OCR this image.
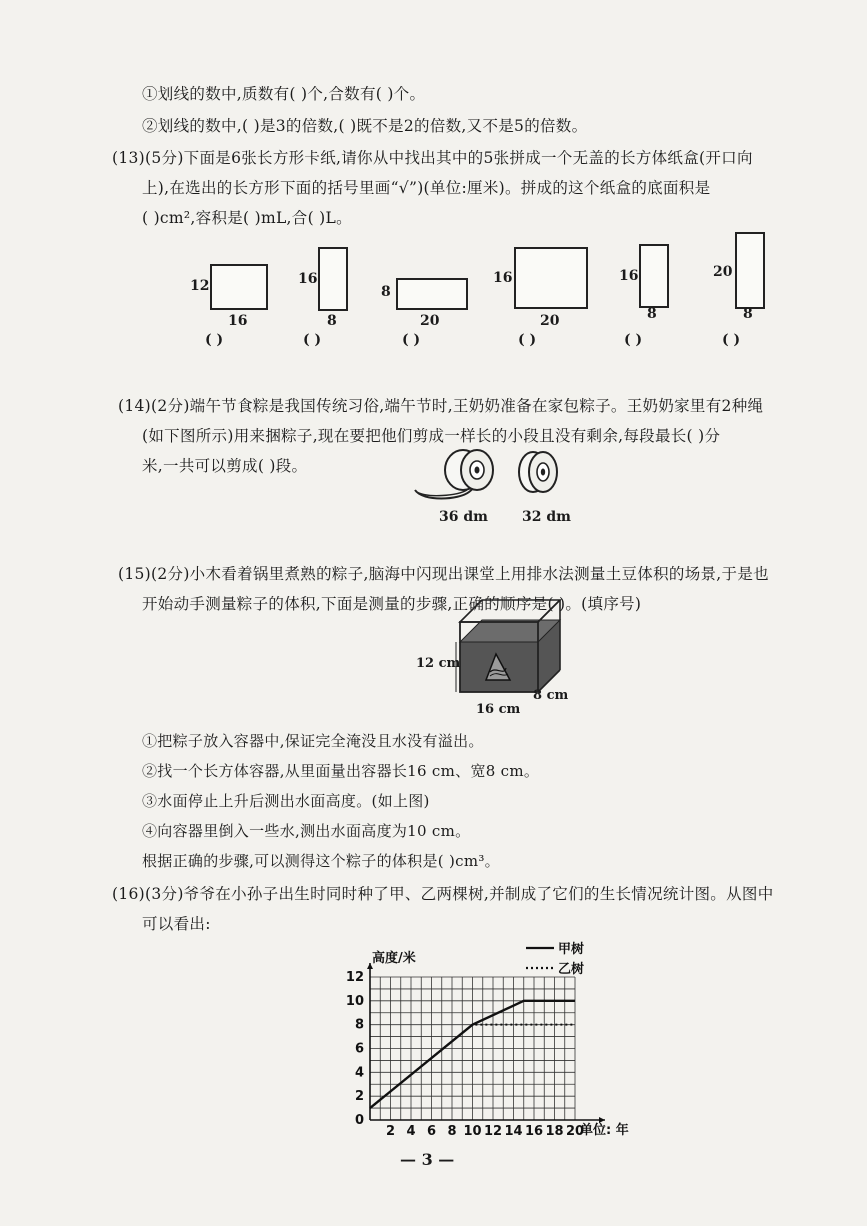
①划线的数中,质数有( )个,合数有( )个。
②划线的数中,( )是3的倍数,( )既不是2的倍数,又不是5的倍数。
(13)(5分)下面是6张长方形卡纸,请你从中找出其中的5张拼成一个无盖的长方体纸盒(开口向
上),在选出的长方形下面的括号里画“√”)(单位:厘米)。拼成的这个纸盒的底面积是
( )cm²,容积是( )mL,合( )L。
12
16
( )
16
8
( )
8
20
( )
16
20
( )
16
8
( )
20
8
( )
(14)(2分)端午节食粽是我国传统习俗,端午节时,王奶奶准备在家包粽子。王奶奶家里有2种绳
(如下图所示)用来捆粽子,现在要把他们剪成一样长的小段且没有剩余,每段最长( )分
米,一共可以剪成( )段。
36 dm 32 dm
(15)(2分)小木看着锅里煮熟的粽子,脑海中闪现出课堂上用排水法测量土豆体积的场景,于是也
开始动手测量粽子的体积,下面是测量的步骤,正确的顺序是( )。(填序号)
12 cm
8 cm
16 cm
①把粽子放入容器中,保证完全淹没且水没有溢出。
②找一个长方体容器,从里面量出容器长16 cm、宽8 cm。
③水面停止上升后测出水面高度。(如上图)
④向容器里倒入一些水,测出水面高度为10 cm。
根据正确的步骤,可以测得这个粽子的体积是( )cm³。
(16)(3分)爷爷在小孙子出生时同时种了甲、乙两棵树,并制成了它们的生长情况统计图。从图中
可以看出:
2 4 6 8 10 12 14 16 18 20
0
2
4
6
8
10
12
甲树
乙树
高度/米
单位: 年
— 3 —
